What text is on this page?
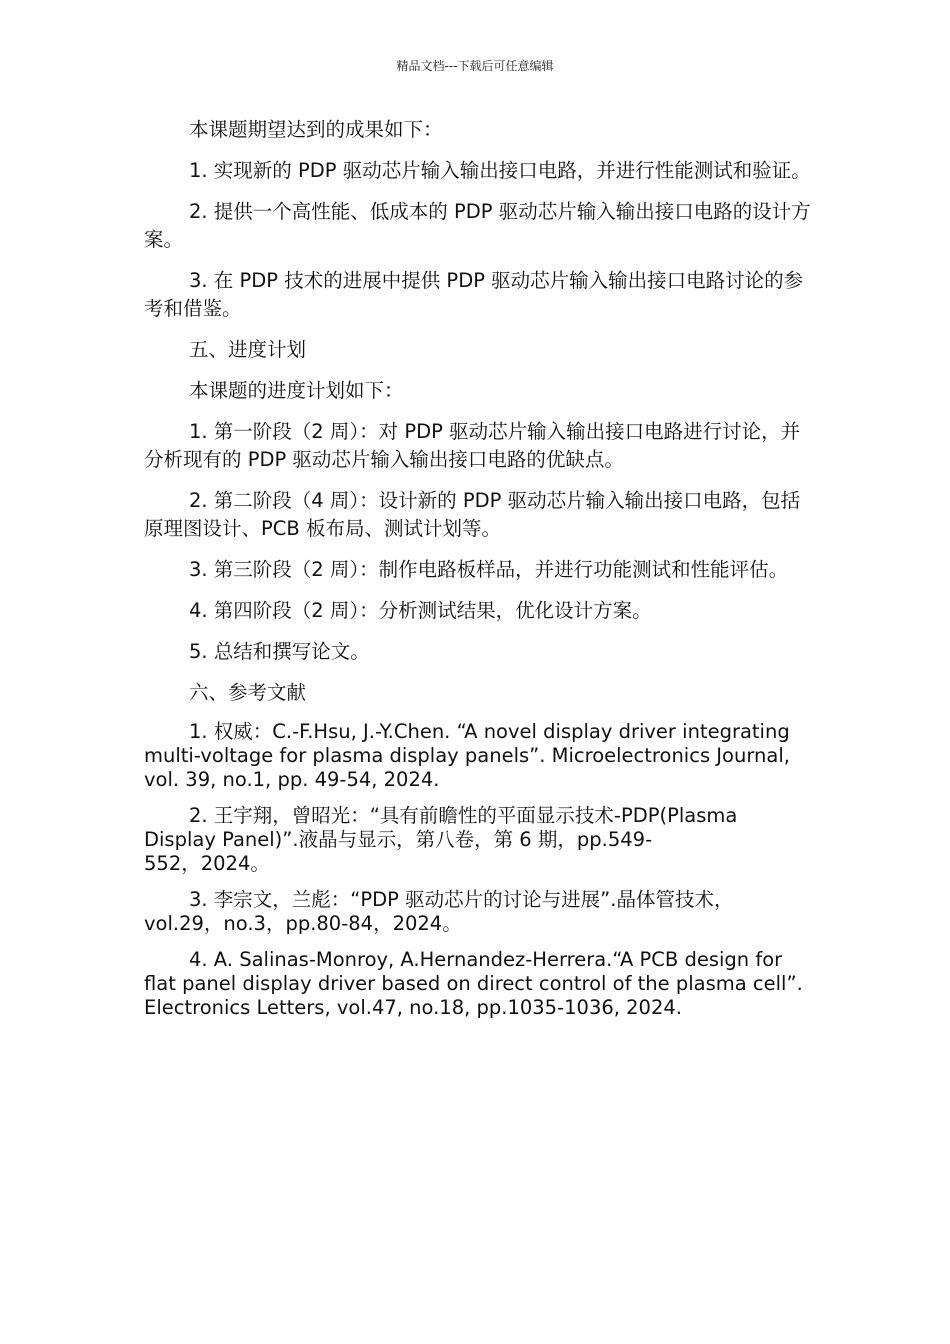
精品文档---下载后可任意编辑

本课题期望达到的成果如下：

1. 实现新的 PDP 驱动芯片输入输出接口电路，并进行性能测试和验证。

2. 提供一个高性能、低成本的 PDP 驱动芯片输入输出接口电路的设计方案。

3. 在 PDP 技术的进展中提供 PDP 驱动芯片输入输出接口电路讨论的参考和借鉴。

五、进度计划

本课题的进度计划如下：

1. 第一阶段（2 周）：对 PDP 驱动芯片输入输出接口电路进行讨论，并分析现有的 PDP 驱动芯片输入输出接口电路的优缺点。

2. 第二阶段（4 周）：设计新的 PDP 驱动芯片输入输出接口电路，包括原理图设计、PCB 板布局、测试计划等。

3. 第三阶段（2 周）：制作电路板样品，并进行功能测试和性能评估。

4. 第四阶段（2 周）：分析测试结果，优化设计方案。

5. 总结和撰写论文。

六、参考文献

1. 权威：C.-F.Hsu, J.-Y.Chen. “A novel display driver integrating multi-voltage for plasma display panels”. Microelectronics Journal, vol. 39, no.1, pp. 49-54, 2024.

2. 王宇翔，曾昭光：“具有前瞻性的平面显示技术-PDP(Plasma Display Panel)”.液晶与显示，第八卷，第 6 期，pp.549-
552，2024。

3. 李宗文，兰彪：“PDP 驱动芯片的讨论与进展”.晶体管技术，vol.29，no.3，pp.80-84，2024。

4. A. Salinas-Monroy, A.Hernandez-Herrera.“A PCB design for flat panel display driver based on direct control of the plasma cell”. Electronics Letters, vol.47, no.18, pp.1035-1036, 2024.
